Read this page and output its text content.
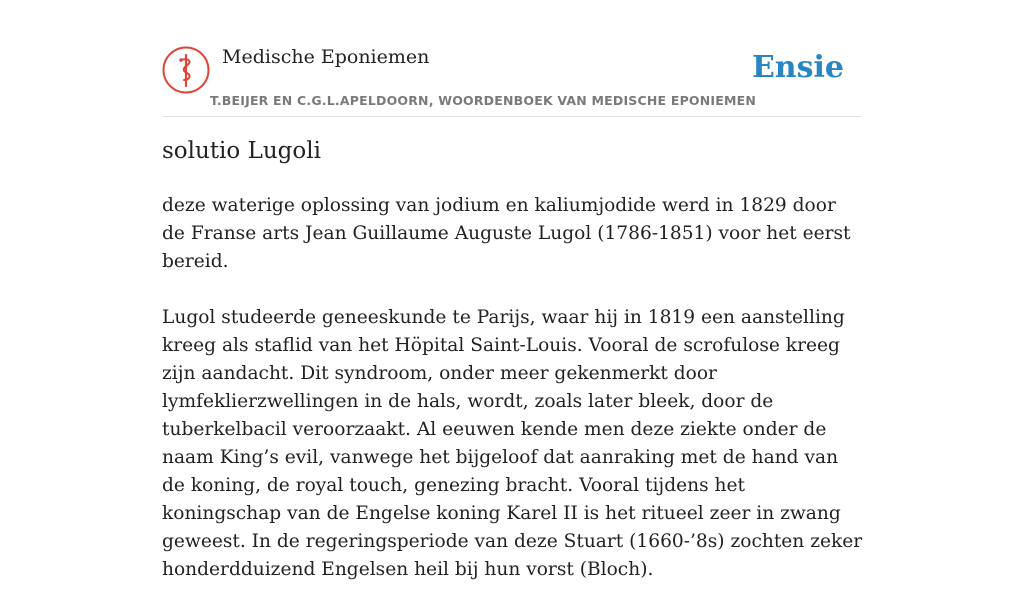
Medische Eponiemen
T.BEIJER EN C.G.L.APELDOORN, WOORDENBOEK VAN MEDISCHE EPONIEMEN
Ensie
solutio Lugoli

deze waterige oplossing van jodium en kaliumjodide werd in 1829 door de Franse arts Jean Guillaume Auguste Lugol (1786-1851) voor het eerst bereid.

Lugol studeerde geneeskunde te Parijs, waar hij in 1819 een aanstelling kreeg als staflid van het Höpital Saint-Louis. Vooral de scrofulose kreeg zijn aandacht. Dit syndroom, onder meer gekenmerkt door lymfeklierzwellingen in de hals, wordt, zoals later bleek, door de tuberkelbacil veroorzaakt. Al eeuwen kende men deze ziekte onder de naam King’s evil, vanwege het bijgeloof dat aanraking met de hand van de koning, de royal touch, genezing bracht. Vooral tijdens het koningschap van de Engelse koning Karel II is het ritueel zeer in zwang geweest. In de regeringsperiode van deze Stuart (1660-’8s) zochten zeker honderdduizend Engelsen heil bij hun vorst (Bloch).
